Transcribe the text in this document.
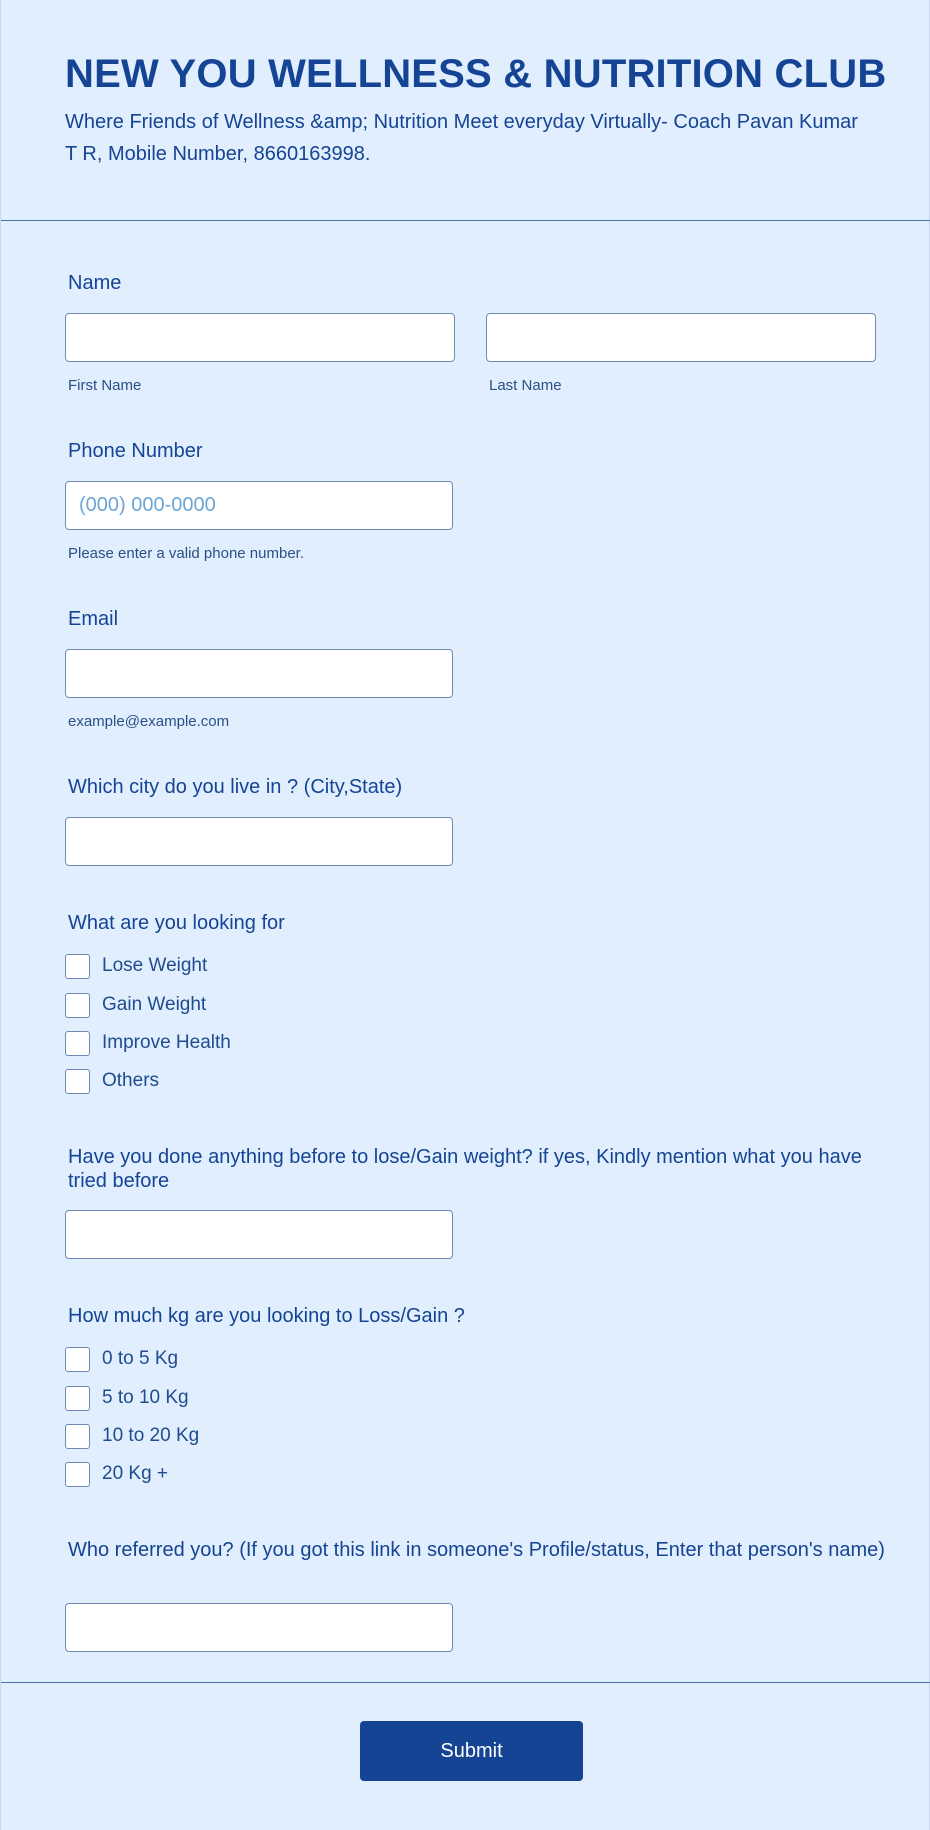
NEW YOU WELLNESS & NUTRITION CLUB
Where Friends of Wellness &amp; Nutrition Meet everyday Virtually- Coach Pavan Kumar T R, Mobile Number, 8660163998.
Name
First Name	Last Name
Phone Number
(000) 000-0000
Please enter a valid phone number.
Email
example@example.com
Which city do you live in ? (City,State)
What are you looking for
Lose Weight
Gain Weight
Improve Health
Others
Have you done anything before to lose/Gain weight? if yes, Kindly mention what you have tried before
How much kg are you looking to Loss/Gain ?
0 to 5 Kg
5 to 10 Kg
10 to 20 Kg
20 Kg +
Who referred you? (If you got this link in someone's Profile/status, Enter that person's name)
Submit
